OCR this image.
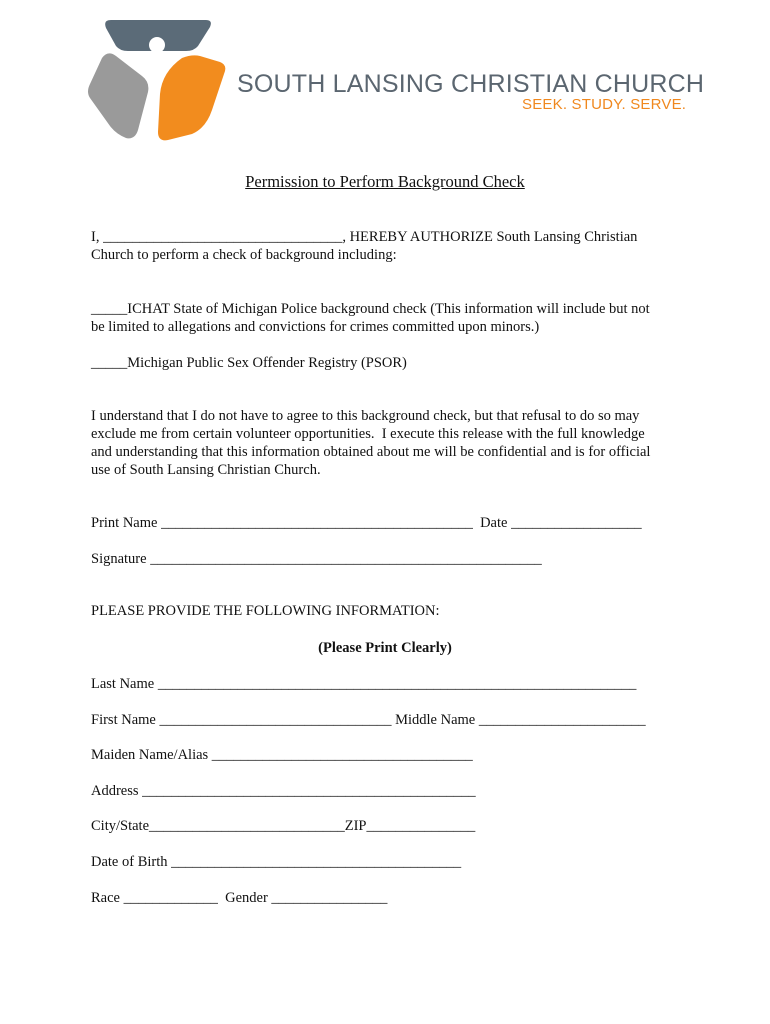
SOUTH LANSING CHRISTIAN CHURCH
SEEK. STUDY. SERVE.
Permission to Perform Background Check
I, _________________________________, HEREBY AUTHORIZE South Lansing Christian
Church to perform a check of background including:
_____ICHAT State of Michigan Police background check (This information will include but not
be limited to allegations and convictions for crimes committed upon minors.)
_____Michigan Public Sex Offender Registry (PSOR)
I understand that I do not have to agree to this background check, but that refusal to do so may
exclude me from certain volunteer opportunities.  I execute this release with the full knowledge
and understanding that this information obtained about me will be confidential and is for official
use of South Lansing Christian Church.
Print Name ___________________________________________  Date __________________
Signature ______________________________________________________
PLEASE PROVIDE THE FOLLOWING INFORMATION:
(Please Print Clearly)
Last Name __________________________________________________________________
First Name ________________________________ Middle Name _______________________
Maiden Name/Alias ____________________________________
Address ______________________________________________
City/State___________________________ZIP_______________
Date of Birth ________________________________________
Race _____________  Gender ________________
